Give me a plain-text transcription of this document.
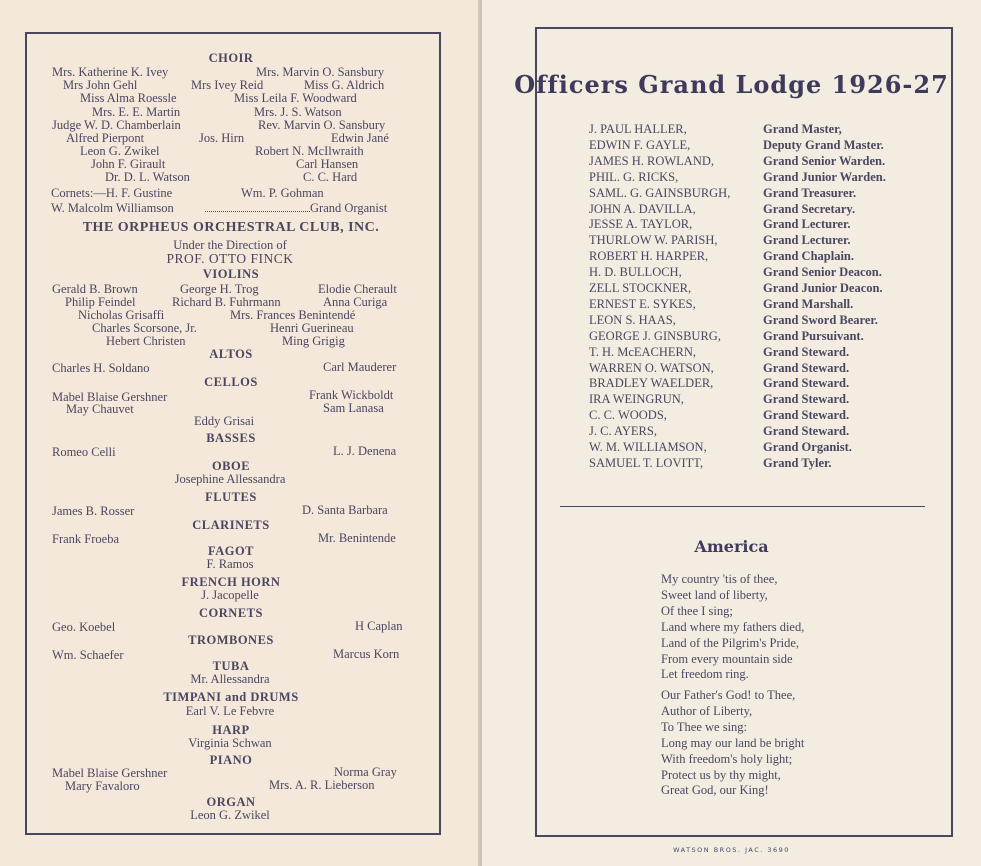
CHOIR
Mrs. Katherine K. Ivey	Mrs. Marvin O. Sansbury
Mrs John Gehl	Mrs Ivey Reid	Miss G. Aldrich
Miss Alma Roessle	Miss Leila F. Woodward
Mrs. E. E. Martin	Mrs. J. S. Watson
Judge W. D. Chamberlain	Rev. Marvin O. Sansbury
Alfred Pierpont	Jos. Hirn	Edwin Jané
Leon G. Zwikel	Robert N. McIlwraith
John F. Girault	Carl Hansen
Dr. D. L. Watson	C. C. Hard
Cornets:—H. F. Gustine	Wm. P. Gohman
W. Malcolm Williamson	Grand Organist
THE ORPHEUS ORCHESTRAL CLUB, INC.
Under the Direction of
PROF. OTTO FINCK
VIOLINS
Gerald B. Brown	George H. Trog	Elodie Cherault
Philip Feindel	Richard B. Fuhrmann	Anna Curiga
Nicholas Grisaffi	Mrs. Frances Benintendé
Charles Scorsone, Jr.	Henri Guerineau
Hebert Christen	Ming Grigig
ALTOS
Charles H. Soldano	Carl Mauderer
CELLOS
Mabel Blaise Gershner	Frank Wickboldt
May Chauvet	Sam Lanasa
Eddy Grisai
BASSES
Romeo Celli	L. J. Denena
OBOE
Josephine Allessandra
FLUTES
James B. Rosser	D. Santa Barbara
CLARINETS
Frank Froeba	Mr. Benintende
FAGOT
F. Ramos
FRENCH HORN
J. Jacopelle
CORNETS
Geo. Koebel	H Caplan
TROMBONES
Wm. Schaefer	Marcus Korn
TUBA
Mr. Allessandra
TIMPANI and DRUMS
Earl V. Le Febvre
HARP
Virginia Schwan
PIANO
Mabel Blaise Gershner	Norma Gray
Mary Favaloro	Mrs. A. R. Lieberson
ORGAN
Leon G. Zwikel
Officers Grand Lodge 1926-27
J. PAUL HALLER,	Grand Master,
EDWIN F. GAYLE,	Deputy Grand Master.
JAMES H. ROWLAND,	Grand Senior Warden.
PHIL. G. RICKS,	Grand Junior Warden.
SAML. G. GAINSBURGH,	Grand Treasurer.
JOHN A. DAVILLA,	Grand Secretary.
JESSE A. TAYLOR,	Grand Lecturer.
THURLOW W. PARISH,	Grand Lecturer.
ROBERT H. HARPER,	Grand Chaplain.
H. D. BULLOCH,	Grand Senior Deacon.
ZELL STOCKNER,	Grand Junior Deacon.
ERNEST E. SYKES,	Grand Marshall.
LEON S. HAAS,	Grand Sword Bearer.
GEORGE J. GINSBURG,	Grand Pursuivant.
T. H. McEACHERN,	Grand Steward.
WARREN O. WATSON,	Grand Steward.
BRADLEY WAELDER,	Grand Steward.
IRA WEINGRUN,	Grand Steward.
C. C. WOODS,	Grand Steward.
J. C. AYERS,	Grand Steward.
W. M. WILLIAMSON,	Grand Organist.
SAMUEL T. LOVITT,	Grand Tyler.
America
My country 'tis of thee,
Sweet land of liberty,
Of thee I sing;
Land where my fathers died,
Land of the Pilgrim's Pride,
From every mountain side
Let freedom ring.
Our Father's God! to Thee,
Author of Liberty,
To Thee we sing:
Long may our land be bright
With freedom's holy light;
Protect us by thy might,
Great God, our King!
WATSON BROS. JAC. 3690
